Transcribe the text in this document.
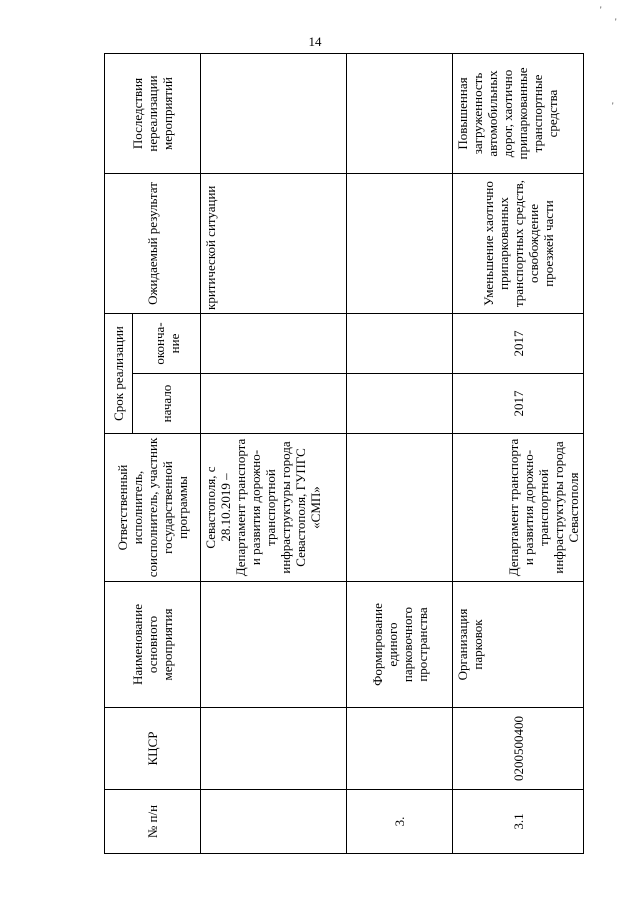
14
'
'
'
№ п/н	КЦСР	Наименование основного мероприятия	Ответственный исполнитель, соисполнитель, участник государственной программы	Срок реализации		Ожидаемый результат	Последствия нереализации мероприятий
				начало	оконча-ние		
			Севастополя, с 28.10.2019 – Департамент транспорта и развития дорожно-транспортной инфраструктуры города Севастополя, ГУПГС «СМП»			критической ситуации	
3.		Формирование единого парковочного пространства					
3.1	0200500400	Организация парковок	Департамент транспорта и развития дорожно-транспортной инфраструктуры города Севастополя	2017	2017	Уменьшение хаотично припаркованных транспортных средств, освобождение проезжей части	Повышенная загруженность автомобильных дорог, хаотично припаркованные транспортные средства
